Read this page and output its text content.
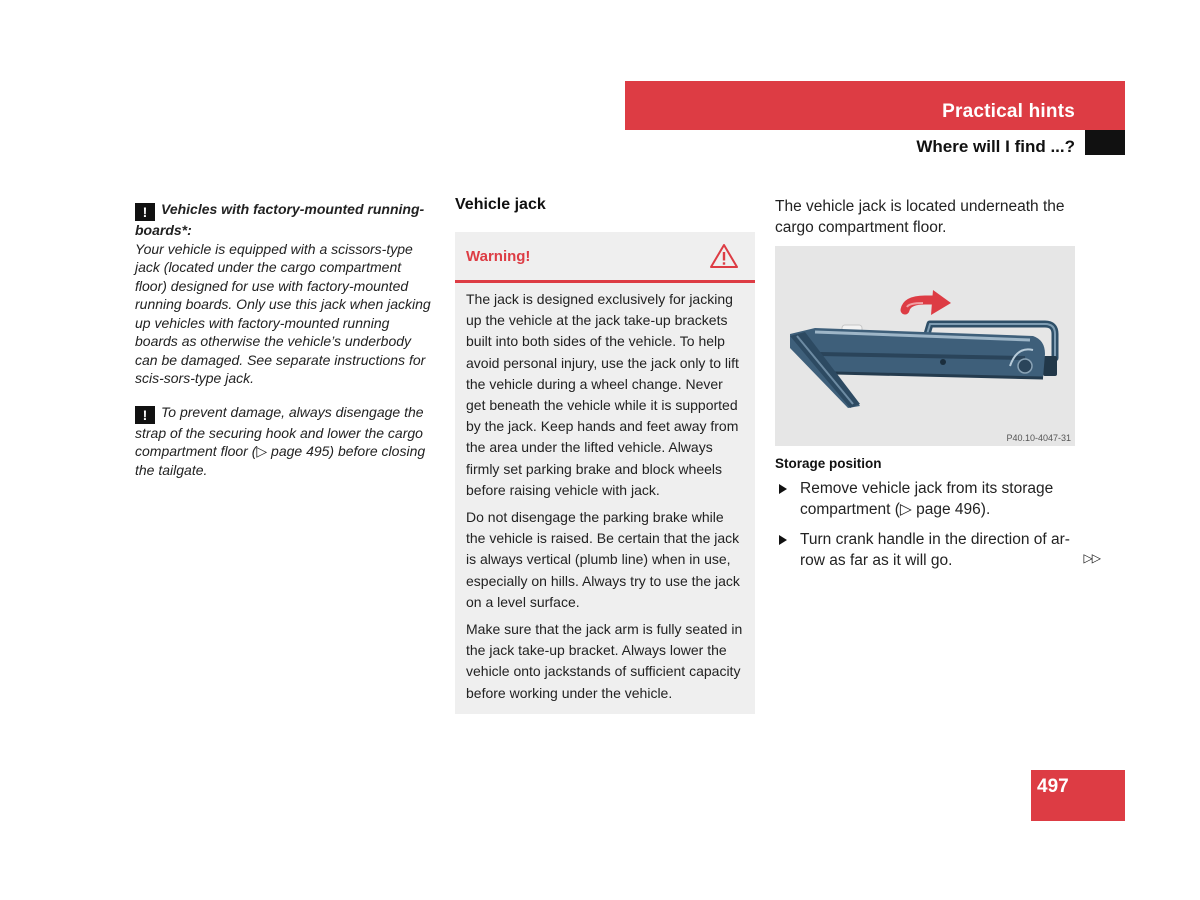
Practical hints
Where will I find ...?
! Vehicles with factory-mounted running-boards*:
Your vehicle is equipped with a scissors-type jack (located under the cargo compartment floor) designed for use with factory-mounted running boards. Only use this jack when jacking up vehicles with factory-mounted running boards as otherwise the vehicle’s underbody can be damaged. See separate instructions for scis-sors-type jack.
! To prevent damage, always disengage the strap of the securing hook and lower the cargo compartment floor (▷ page 495) before closing the tailgate.
Vehicle jack
Warning!

The jack is designed exclusively for jacking up the vehicle at the jack take-up brackets built into both sides of the vehicle. To help avoid personal injury, use the jack only to lift the vehicle during a wheel change. Never get beneath the vehicle while it is supported by the jack. Keep hands and feet away from the area under the lifted vehicle. Always firmly set parking brake and block wheels before raising vehicle with jack.

Do not disengage the parking brake while the vehicle is raised. Be certain that the jack is always vertical (plumb line) when in use, especially on hills. Always try to use the jack on a level surface.

Make sure that the jack arm is fully seated in the jack take-up bracket. Always lower the vehicle onto jackstands of sufficient capacity before working under the vehicle.

The vehicle jack is located underneath the cargo compartment floor.
P40.10-4047-31
Storage position
Remove vehicle jack from its storage compartment (▷ page 496).
Turn crank handle in the direction of ar-row as far as it will go.	▷▷
497
